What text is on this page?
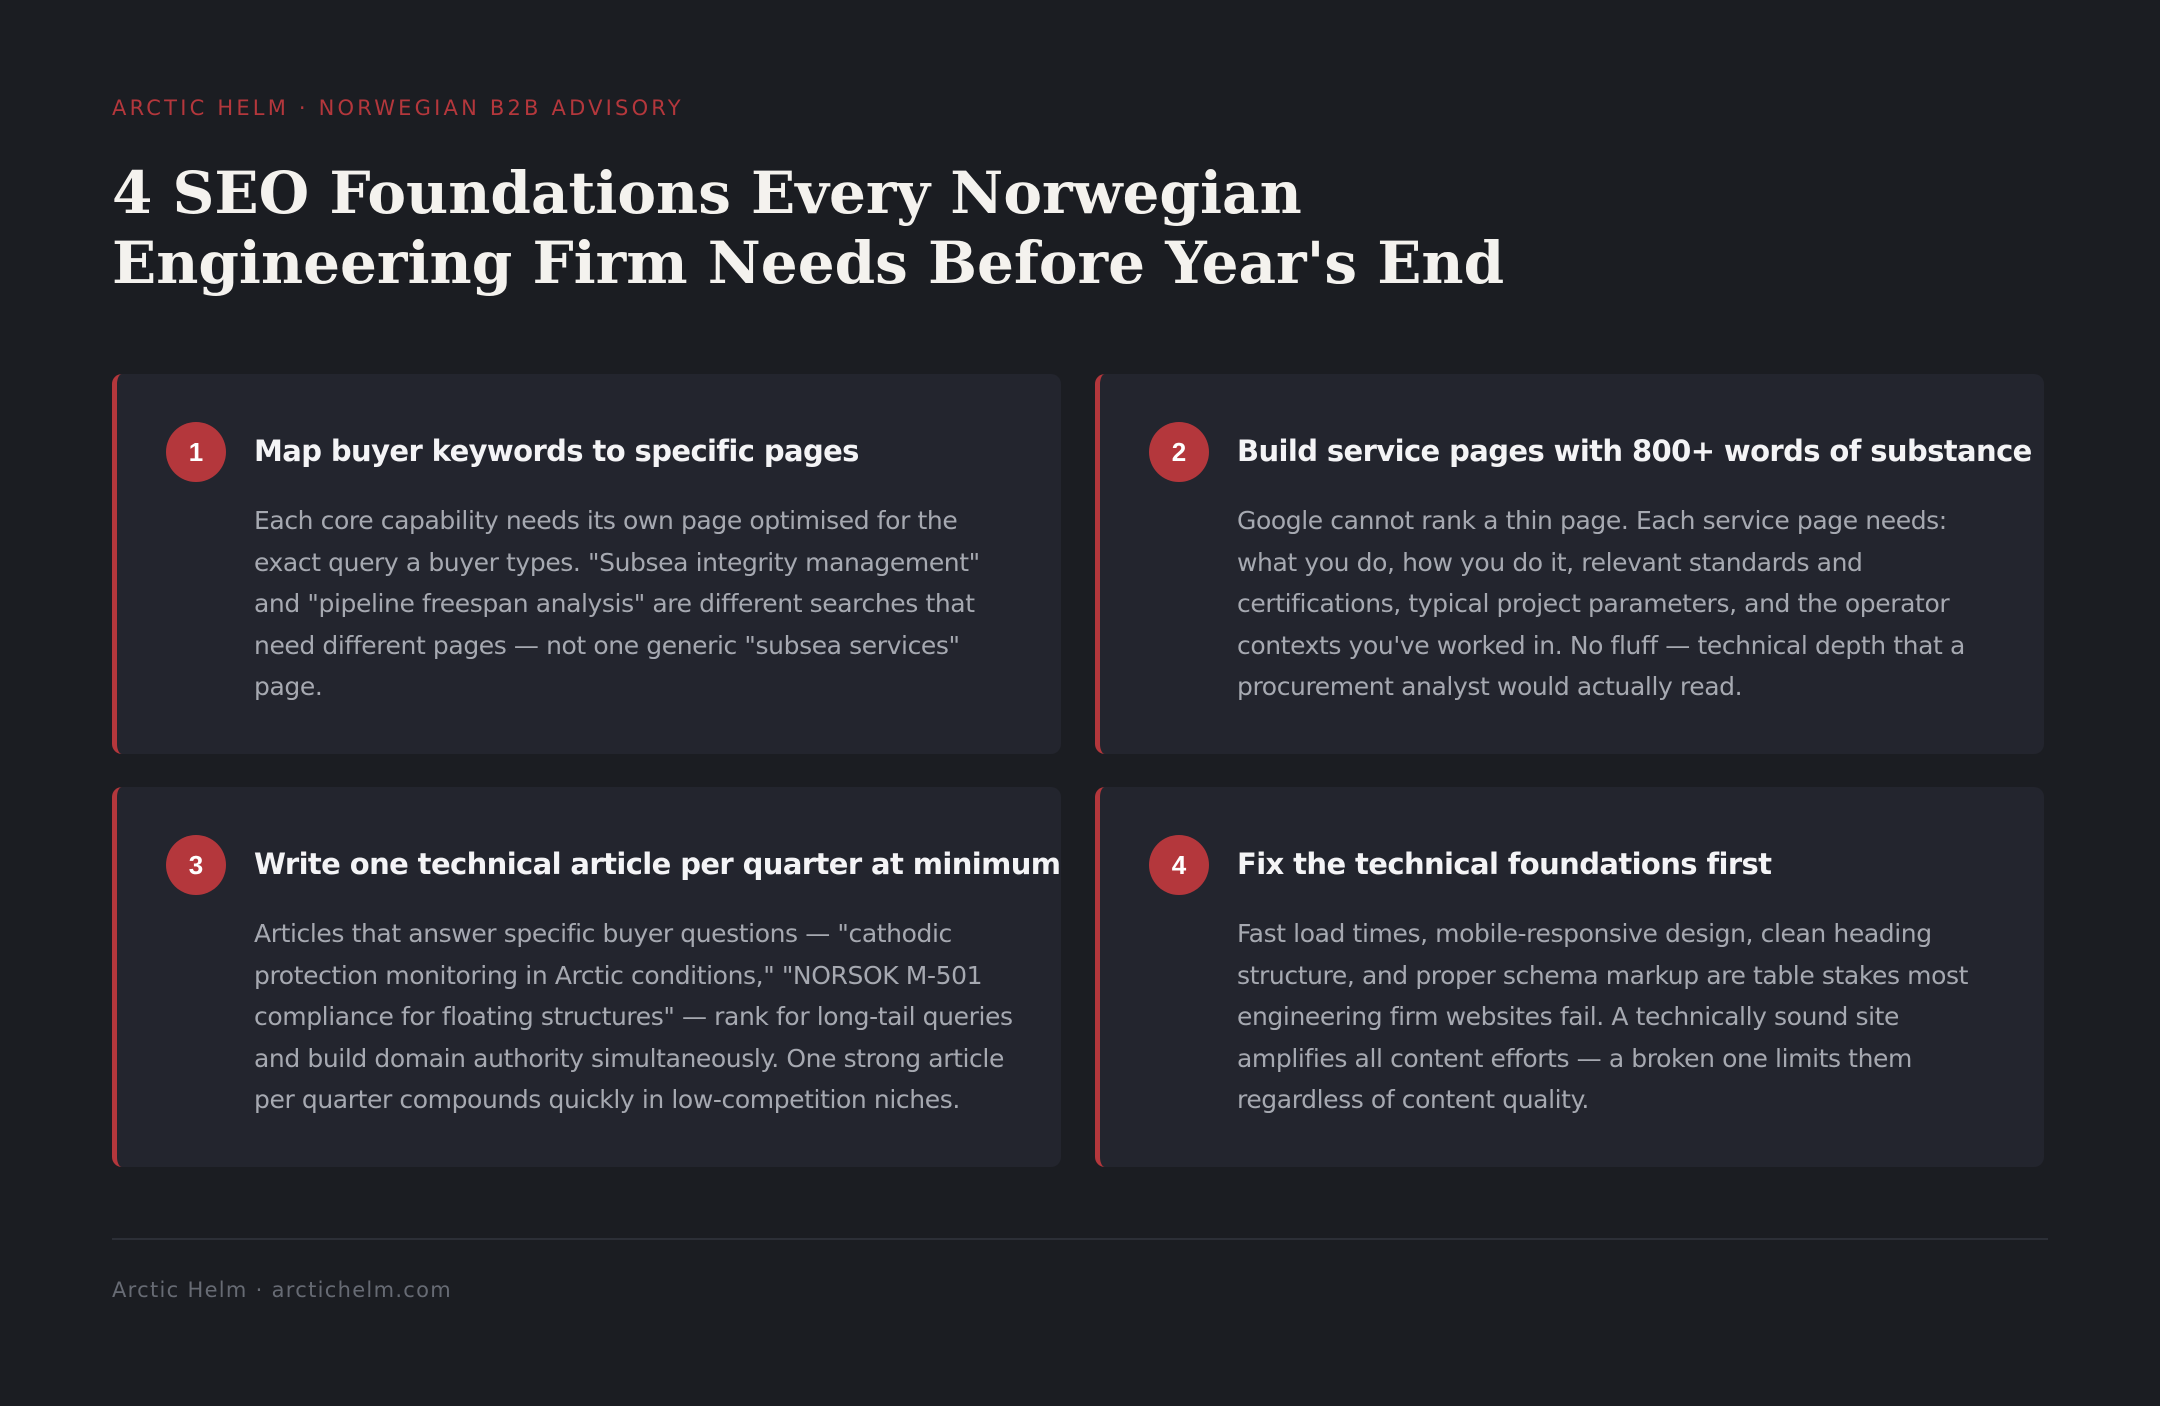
ARCTIC HELM · NORWEGIAN B2B ADVISORY
4 SEO Foundations Every Norwegian Engineering Firm Needs Before Year's End
1	Map buyer keywords to specific pages

Each core capability needs its own page optimised for the exact query a buyer types. "Subsea integrity management" and "pipeline freespan analysis" are different searches that need different pages — not one generic "subsea services" page.

2	Build service pages with 800+ words of substance

Google cannot rank a thin page. Each service page needs: what you do, how you do it, relevant standards and certifications, typical project parameters, and the operator contexts you've worked in. No fluff — technical depth that a procurement analyst would actually read.

3	Write one technical article per quarter at minimum

Articles that answer specific buyer questions — "cathodic protection monitoring in Arctic conditions," "NORSOK M-501 compliance for floating structures" — rank for long-tail queries and build domain authority simultaneously. One strong article per quarter compounds quickly in low-competition niches.

4	Fix the technical foundations first

Fast load times, mobile-responsive design, clean heading structure, and proper schema markup are table stakes most engineering firm websites fail. A technically sound site amplifies all content efforts — a broken one limits them regardless of content quality.

Arctic Helm · arctichelm.com
